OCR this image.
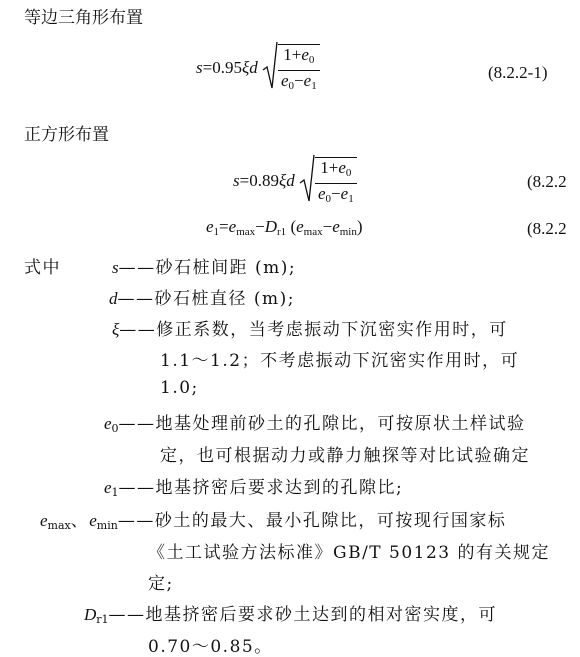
等边三角形布置
正方形布置
$s=0.95\xi d \frac{1+e_0}{e_0-e_1}$	(8.2.2-1)
$s=0.89\xi d \frac{1+e_0}{e_0-e_1}$	(8.2.2
$e_1=e_{max}-D_{r1}$ $(e_{max}-e_{min})$	(8.2.2
式中	s——砂石桩间距 (m);
d——砂石桩直径 (m);
ξ——修正系数，当考虑振动下沉密实作用时，可
1.1～1.2；不考虑振动下沉密实作用时，可
1.0;
$e_0——$地基处理前砂土的孔隙比，可按原状土样试验
定，也可根据动力或静力触探等对比试验确定
$e_1——$地基挤密后要求达到的孔隙比;
$e_{max}$、$e_{min}——$砂土的最大、最小孔隙比，可按现行国家标
《土工试验方法标准》GB/T 50123 的有关规定
定;
$D_{r1}——$地基挤密后要求砂土达到的相对密实度，可
0.70～0.85。
